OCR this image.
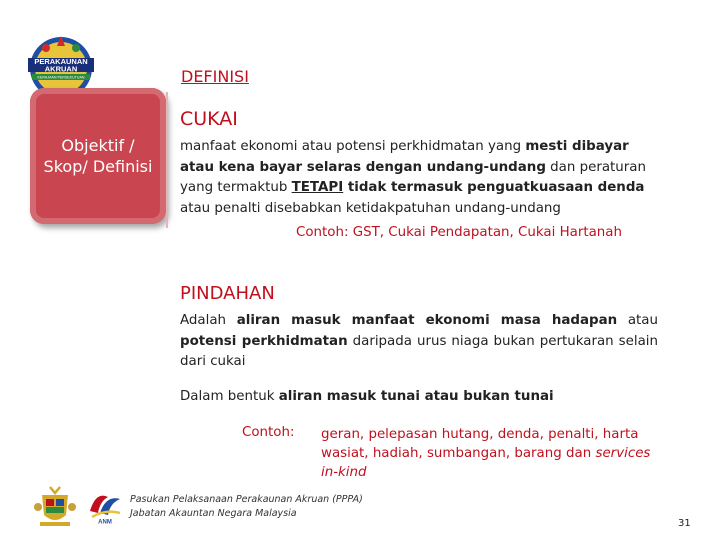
PERAKAUNAN
AKRUAN
KERAJAAN PERSEKUTUAN
Objektif / Skop/ Definisi
DEFINISI
CUKAI
manfaat ekonomi atau potensi perkhidmatan yang mesti dibayar atau kena bayar selaras dengan undang-undang dan peraturan yang termaktub TETAPI tidak termasuk penguatkuasaan denda atau penalti disebabkan ketidakpatuhan undang-undang
Contoh: GST, Cukai Pendapatan, Cukai Hartanah
PINDAHAN
Adalah aliran masuk manfaat ekonomi masa hadapan atau potensi perkhidmatan daripada urus niaga bukan pertukaran selain dari cukai
Dalam bentuk aliran masuk tunai atau bukan tunai
Contoh: geran, pelepasan hutang, denda, penalti, harta wasiat, hadiah, sumbangan, barang dan services in-kind
ANM
Pasukan Pelaksanaan Perakaunan Akruan (PPPA)
Jabatan Akauntan Negara Malaysia
31
